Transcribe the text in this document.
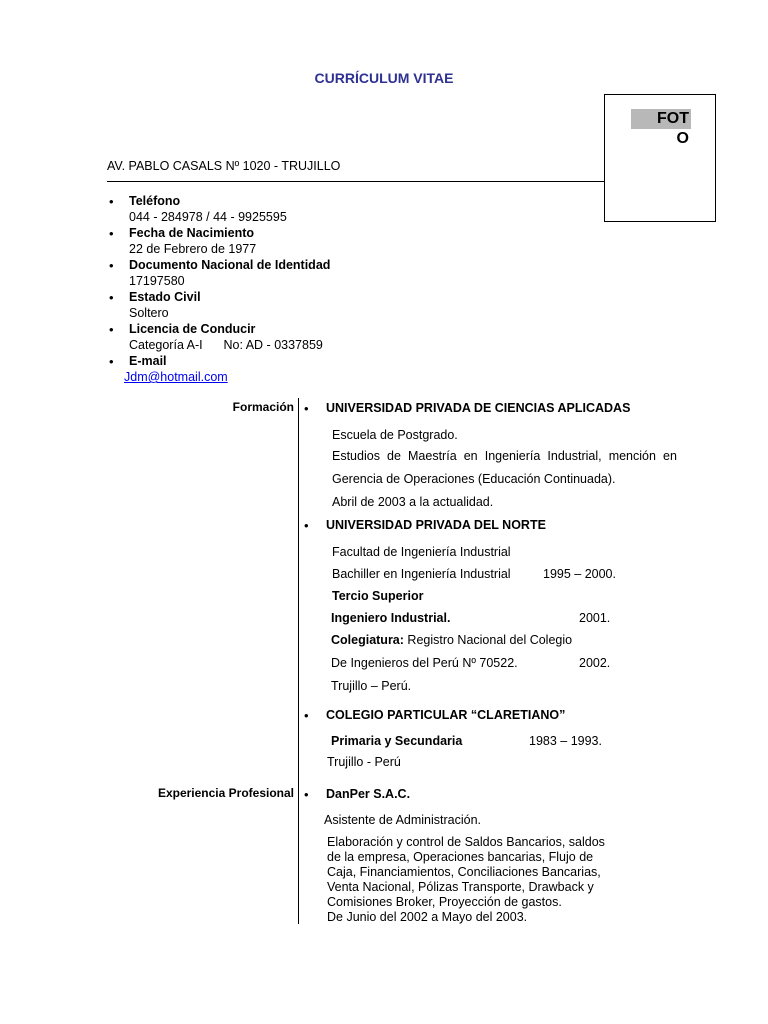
CURRÍCULUM VITAE
FOT
O
AV. PABLO CASALS Nº 1020 - TRUJILLO
• Teléfono
044 - 284978 / 44 - 9925595
• Fecha de Nacimiento
22 de Febrero de 1977
• Documento Nacional de Identidad
17197580
• Estado Civil
Soltero
• Licencia de Conducir
Categoría A-I      No: AD - 0337859
• E-mail
Jdm@hotmail.com
Formación • UNIVERSIDAD PRIVADA DE CIENCIAS APLICADAS
Escuela de Postgrado.
Estudios de Maestría en Ingeniería Industrial, mención en
Gerencia de Operaciones (Educación Continuada).
Abril de 2003 a la actualidad.
• UNIVERSIDAD PRIVADA DEL NORTE
Facultad de Ingeniería Industrial
Bachiller en Ingeniería Industrial	1995 – 2000.
Tercio Superior
Ingeniero Industrial.	2001.
Colegiatura: Registro Nacional del Colegio
De Ingenieros del Perú Nº 70522.	2002.
Trujillo – Perú.
• COLEGIO PARTICULAR “CLARETIANO”
Primaria y Secundaria	1983 – 1993.
Trujillo - Perú
Experiencia Profesional • DanPer S.A.C.
Asistente de Administración.
Elaboración y control de Saldos Bancarios, saldos
de la empresa, Operaciones bancarias, Flujo de
Caja, Financiamientos, Conciliaciones Bancarias,
Venta Nacional, Pólizas Transporte, Drawback y
Comisiones Broker, Proyección de gastos.
De Junio del 2002 a Mayo del 2003.
